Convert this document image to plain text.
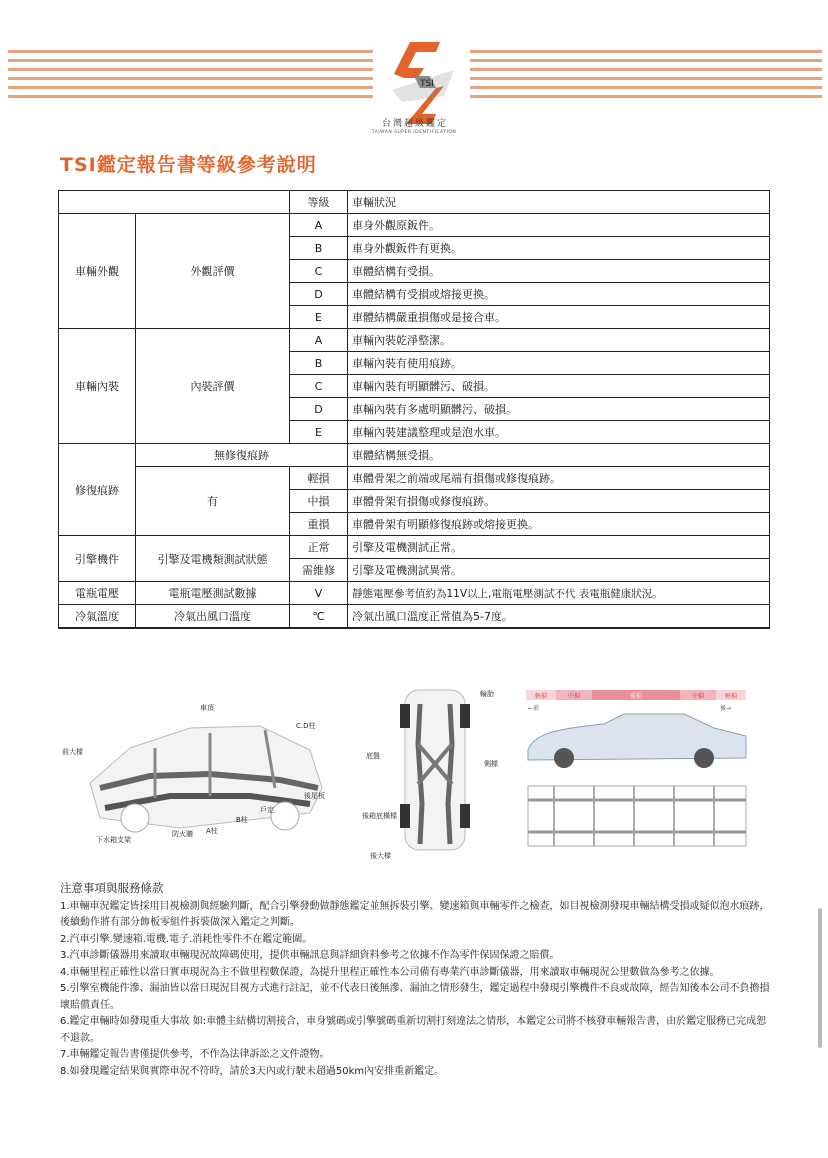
TSI
台灣超級鑑定
TAIWAN SUPER IDENTIFICATION
TSI鑑定報告書等級參考說明
		等級	車輛狀況
車輛外觀	外觀評價	A	車身外觀原鈑件。
		B	車身外觀鈑件有更換。
		C	車體結構有受損。
		D	車體結構有受損或熔接更換。
		E	車體結構嚴重損傷或是接合車。
車輛內裝	內裝評價	A	車輛內裝乾淨整潔。
		B	車輛內裝有使用痕跡。
		C	車輛內裝有明顯髒污、破損。
		D	車輛內裝有多處明顯髒污、破損。
		E	車輛內裝建議整理或是泡水車。
修復痕跡	無修復痕跡		車體結構無受損。
	有	輕損	車體骨架之前端或尾端有損傷或修復痕跡。
		中損	車體骨架有損傷或修復痕跡。
		重損	車體骨架有明顯修復痕跡或熔接更換。
引擎機件	引擎及電機類測試狀態	正常	引擎及電機測試正常。
		需維修	引擎及電機測試異常。
電瓶電壓	電瓶電壓測試數據	V	靜態電壓參考值約為11V以上,電瓶電壓測試不代 表電瓶健康狀況。
冷氣溫度	冷氣出風口溫度	℃	冷氣出風口溫度正常值為5-7度。
車頂
C.D柱
前大樑
後尾板
戶定
B柱
A柱
防火牆
下水箱支架
輪胎
底盤
側樑
後箱底橫樑
後大樑
輕損	中損	重損	中損	輕損
←前	後→
注意事項與服務條款

1.車輛車況鑑定皆採用目視檢測與經驗判斷，配合引擎發動做靜態鑑定並無拆裝引擎、變速箱與車輛零件之檢查，如目視檢測發現車輛結構受損或疑似泡水痕跡，後續動作將有部分飾板零組件拆裝做深入鑑定之判斷。

2.汽車引擎.變速箱.電機.電子.消耗性零件不在鑑定範圍。

3.汽車診斷儀器用來讀取車輛現況故障碼使用，提供車輛訊息與詳細資料參考之依據不作為零件保固保證之賠償。

4.車輛里程正確性以當日實車現況為主不做里程數保證，為提升里程正確性本公司備有專業汽車診斷儀器，用來讀取車輛現況公里數做為參考之依據。

5.引擎室機能件滲、漏油皆以當日現況目視方式進行註記，並不代表日後無滲、漏油之情形發生，鑑定過程中發現引擎機件不良或故障，經告知後本公司不負擔損壞賠償責任。

6.鑑定車輛時如發現重大事故 如:車體主結構切割接合，車身號碼或引擎號碼重新切割打刻違法之情形，本鑑定公司將不核發車輛報告書，由於鑑定服務已完成恕不退款。

7.車輛鑑定報告書僅提供參考，不作為法律訴訟之文件證物。

8.如發現鑑定結果與實際車況不符時，請於3天內或行駛未超過50km內安排重新鑑定。
